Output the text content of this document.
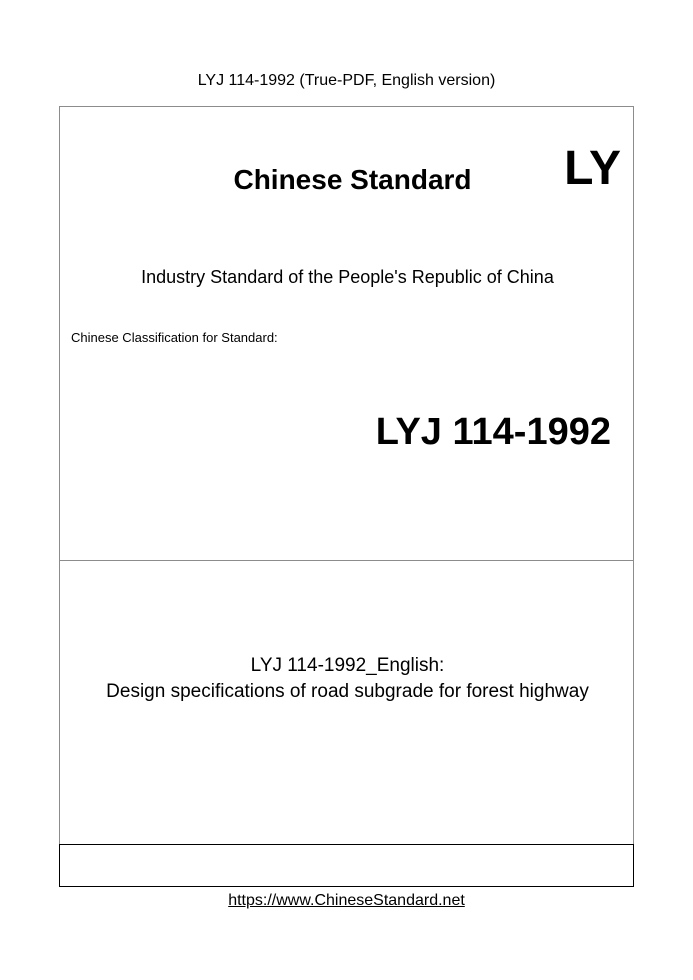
LYJ 114-1992 (True-PDF, English version)
Chinese Standard	LY
Industry Standard of the People's Republic of China
Chinese Classification for Standard:
LYJ 114-1992
LYJ 114-1992_English:
Design specifications of road subgrade for forest highway
https://www.ChineseStandard.net
